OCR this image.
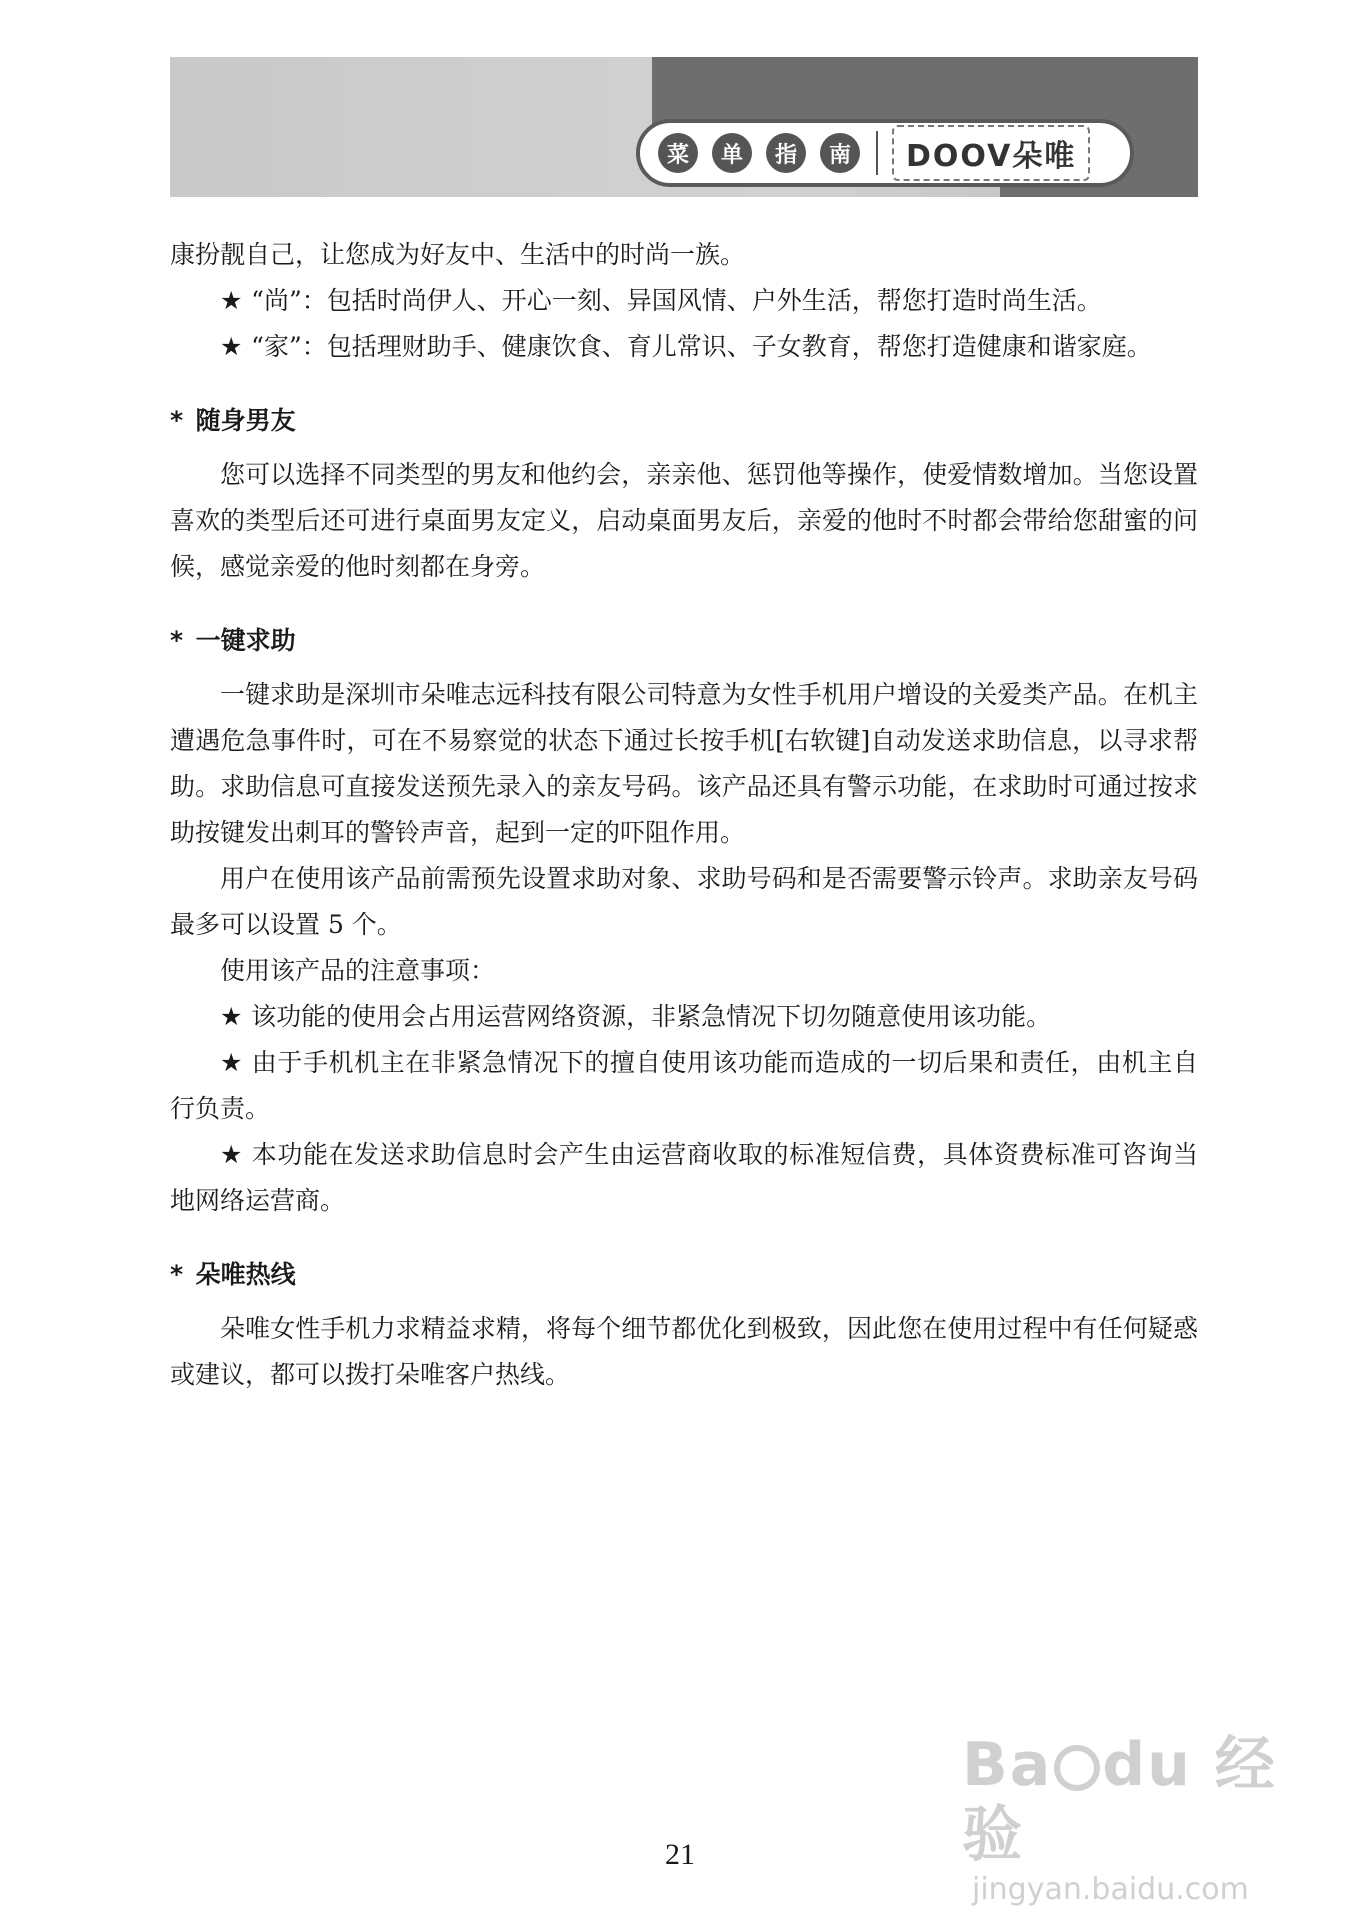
菜	单	指	南	DOOV朵唯

康扮靓自己，让您成为好友中、生活中的时尚一族。

★ “尚”：包括时尚伊人、开心一刻、异国风情、户外生活，帮您打造时尚生活。

★ “家”：包括理财助手、健康饮食、育儿常识、子女教育，帮您打造健康和谐家庭。

* 随身男友

您可以选择不同类型的男友和他约会，亲亲他、惩罚他等操作，使爱情数增加。当您设置喜欢的类型后还可进行桌面男友定义，启动桌面男友后，亲爱的他时不时都会带给您甜蜜的问候，感觉亲爱的他时刻都在身旁。

* 一键求助

一键求助是深圳市朵唯志远科技有限公司特意为女性手机用户增设的关爱类产品。在机主遭遇危急事件时，可在不易察觉的状态下通过长按手机[右软键]自动发送求助信息，以寻求帮助。求助信息可直接发送预先录入的亲友号码。该产品还具有警示功能，在求助时可通过按求助按键发出刺耳的警铃声音，起到一定的吓阻作用。

用户在使用该产品前需预先设置求助对象、求助号码和是否需要警示铃声。求助亲友号码最多可以设置 5 个。

使用该产品的注意事项：

★ 该功能的使用会占用运营网络资源，非紧急情况下切勿随意使用该功能。

★ 由于手机机主在非紧急情况下的擅自使用该功能而造成的一切后果和责任，由机主自行负责。

★ 本功能在发送求助信息时会产生由运营商收取的标准短信费，具体资费标准可咨询当地网络运营商。

* 朵唯热线

朵唯女性手机力求精益求精，将每个细节都优化到极致，因此您在使用过程中有任何疑惑或建议，都可以拨打朵唯客户热线。

21
Ba du 经验
jingyan.baidu.com
